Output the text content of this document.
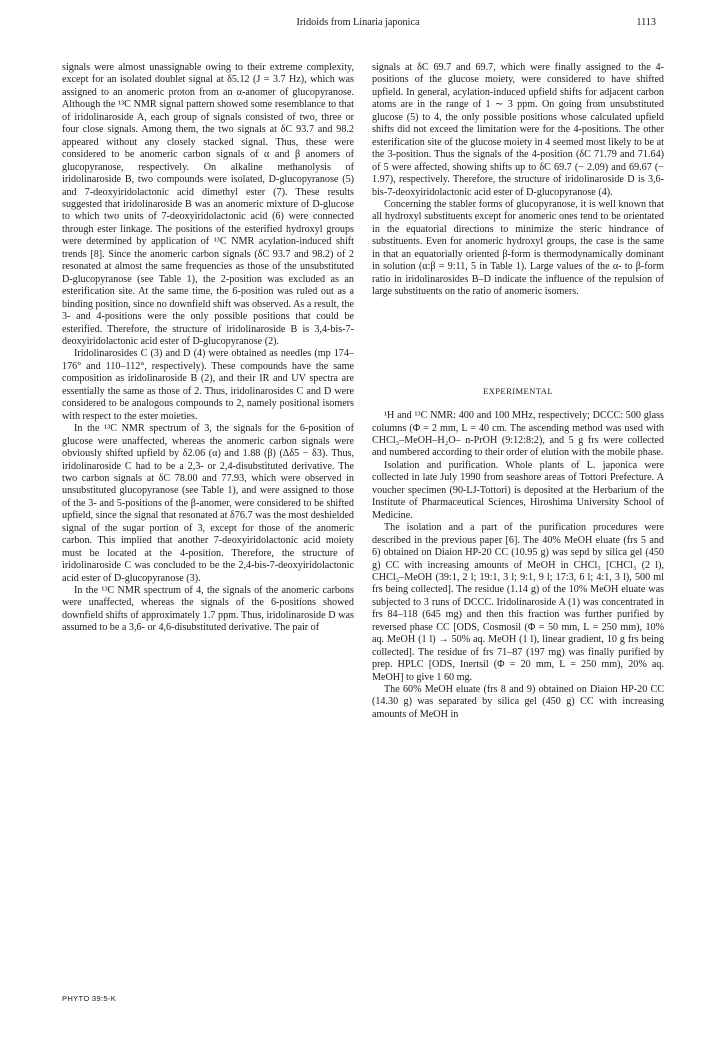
Iridoids from Linaria japonica	1113

signals were almost unassignable owing to their extreme complexity, except for an isolated doublet signal at δ5.12 (J = 3.7 Hz), which was assigned to an anomeric proton from an α-anomer of glucopyranose. Although the ¹³C NMR signal pattern showed some resemblance to that of iridolinaroside A, each group of signals consisted of two, three or four close signals. Among them, the two signals at δC 93.7 and 98.2 appeared without any closely stacked signal. Thus, these were considered to be anomeric carbon signals of α and β anomers of glucopyranose, respectively. On alkaline methanolysis of iridolinaroside B, two compounds were isolated, D-glucopyranose (5) and 7-deoxyiridolactonic acid dimethyl ester (7). These results suggested that iridolinaroside B was an anomeric mixture of D-glucose to which two units of 7-deoxyiridolactonic acid (6) were connected through ester linkage. The positions of the esterified hydroxyl groups were determined by application of ¹³C NMR acylation-induced shift trends [8]. Since the anomeric carbon signals (δC 93.7 and 98.2) of 2 resonated at almost the same frequencies as those of the unsubstituted D-glucopyranose (see Table 1), the 2-position was excluded as an esterification site. At the same time, the 6-position was ruled out as a binding position, since no downfield shift was observed. As a result, the 3- and 4-positions were the only possible positions that could be esterified. Therefore, the structure of iridolinaroside B is 3,4-bis-7-deoxyiridolactonic acid ester of D-glucopyranose (2).

Iridolinarosides C (3) and D (4) were obtained as needles (mp 174–176° and 110–112°, respectively). These compounds have the same composition as iridolinaroside B (2), and their IR and UV spectra are essentially the same as those of 2. Thus, iridolinarosides C and D were considered to be analogous compounds to 2, namely positional isomers with respect to the ester moieties.

In the ¹³C NMR spectrum of 3, the signals for the 6-position of glucose were unaffected, whereas the anomeric carbon signals were obviously shifted upfield by δ2.06 (α) and 1.88 (β) (Δδ5 − δ3). Thus, iridolinaroside C had to be a 2,3- or 2,4-disubstituted derivative. The two carbon signals at δC 78.00 and 77.93, which were observed in unsubstituted glucopyranose (see Table 1), and were assigned to those of the 3- and 5-positions of the β-anomer, were considered to be shifted upfield, since the signal that resonated at δ76.7 was the most deshielded signal of the sugar portion of 3, except for those of the anomeric carbon. This implied that another 7-deoxyiridolactonic acid moiety must be located at the 4-position. Therefore, the structure of iridolinaroside C was concluded to be the 2,4-bis-7-deoxyiridolactonic acid ester of D-glucopyranose (3).

In the ¹³C NMR spectrum of 4, the signals of the anomeric carbons were unaffected, whereas the signals of the 6-positions showed downfield shifts of approximately 1.7 ppm. Thus, iridolinaroside D was assumed to be a 3,6- or 4,6-disubstituted derivative. The pair of

signals at δC 69.7 and 69.7, which were finally assigned to the 4-positions of the glucose moiety, were considered to have shifted upfield. In general, acylation-induced upfield shifts for adjacent carbon atoms are in the range of 1 ∼ 3 ppm. On going from unsubstituted glucose (5) to 4, the only possible positions whose calculated upfield shifts did not exceed the limitation were for the 4-positions. The other esterification site of the glucose moiety in 4 seemed most likely to be at the 3-position. Thus the signals of the 4-position (δC 71.79 and 71.64) of 5 were affected, showing shifts up to δC 69.7 (− 2.09) and 69.67 (− 1.97), respectively. Therefore, the structure of iridolinaroside D is 3,6-bis-7-deoxyiridolactonic acid ester of D-glucopyranose (4).

Concerning the stabler forms of glucopyranose, it is well known that all hydroxyl substituents except for anomeric ones tend to be orientated in the equatorial directions to minimize the steric hindrance of substituents. Even for anomeric hydroxyl groups, the case is the same in that an equatorially oriented β-form is thermodynamically dominant in solution (α:β = 9:11, 5 in Table 1). Large values of the α- to β-form ratio in iridolinarosides B–D indicate the influence of the repulsion of large substituents on the ratio of anomeric isomers.

EXPERIMENTAL

¹H and ¹³C NMR: 400 and 100 MHz, respectively; DCCC: 500 glass columns (Φ = 2 mm, L = 40 cm. The ascending method was used with CHCl₃–MeOH–H₂O– n-PrOH (9:12:8:2), and 5 g frs were collected and numbered according to their order of elution with the mobile phase.

Isolation and purification. Whole plants of L. japonica were collected in late July 1990 from seashore areas of Tottori Prefecture. A voucher specimen (90-LJ-Tottori) is deposited at the Herbarium of the Institute of Pharmaceutical Sciences, Hiroshima University School of Medicine.

The isolation and a part of the purification procedures were described in the previous paper [6]. The 40% MeOH eluate (frs 5 and 6) obtained on Diaion HP-20 CC (10.95 g) was sepd by silica gel (450 g) CC with increasing amounts of MeOH in CHCl₃ [CHCl₃ (2 l), CHCl₃–MeOH (39:1, 2 l; 19:1, 3 l; 9:1, 9 l; 17:3, 6 l; 4:1, 3 l), 500 ml frs being collected]. The residue (1.14 g) of the 10% MeOH eluate was subjected to 3 runs of DCCC. Iridolinaroside A (1) was concentrated in frs 84–118 (645 mg) and then this fraction was further purified by reversed phase CC [ODS, Cosmosil (Φ = 50 mm, L = 250 mm), 10% aq. MeOH (1 l) → 50% aq. MeOH (1 l), linear gradient, 10 g frs being collected]. The residue of frs 71–87 (197 mg) was finally purified by prep. HPLC [ODS, Inertsil (Φ = 20 mm, L = 250 mm), 20% aq. MeOH] to give 1 60 mg.

The 60% MeOH eluate (frs 8 and 9) obtained on Diaion HP-20 CC (14.30 g) was separated by silica gel (450 g) CC with increasing amounts of MeOH in

PHYTO 39:5-K
